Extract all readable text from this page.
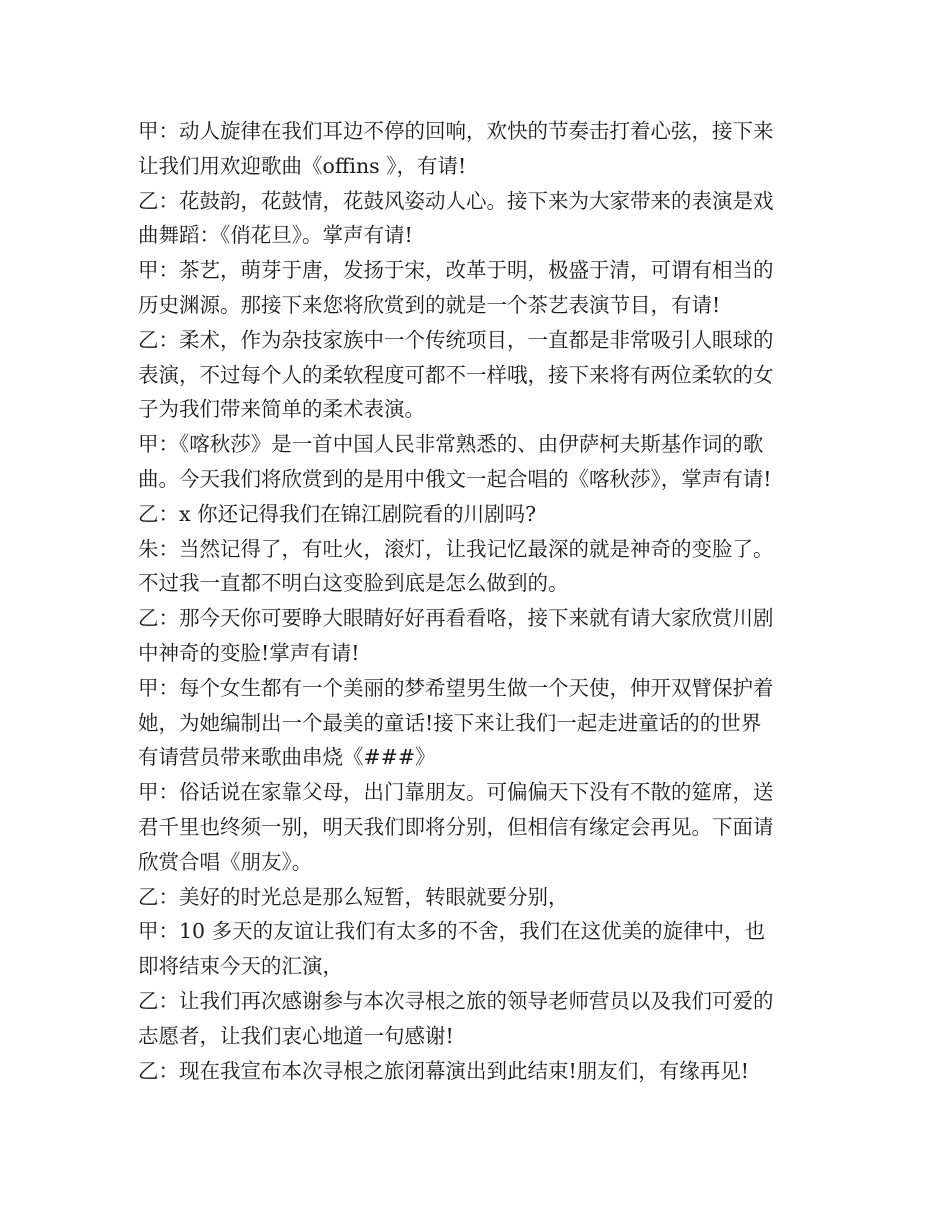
甲：动人旋律在我们耳边不停的回响，欢快的节奏击打着心弦，接下来
让我们用欢迎歌曲《offins 》，有请!
乙：花鼓韵，花鼓情，花鼓风姿动人心。接下来为大家带来的表演是戏
曲舞蹈：《俏花旦》。掌声有请!
甲：茶艺，萌芽于唐，发扬于宋，改革于明，极盛于清，可谓有相当的
历史渊源。那接下来您将欣赏到的就是一个茶艺表演节目，有请!
乙：柔术，作为杂技家族中一个传统项目，一直都是非常吸引人眼球的
表演，不过每个人的柔软程度可都不一样哦，接下来将有两位柔软的女
子为我们带来简单的柔术表演。
甲：《喀秋莎》是一首中国人民非常熟悉的、由伊萨柯夫斯基作词的歌
曲。今天我们将欣赏到的是用中俄文一起合唱的《喀秋莎》，掌声有请!
乙：x 你还记得我们在锦江剧院看的川剧吗?
朱：当然记得了，有吐火，滚灯，让我记忆最深的就是神奇的变脸了。
不过我一直都不明白这变脸到底是怎么做到的。
乙：那今天你可要睁大眼睛好好再看看咯，接下来就有请大家欣赏川剧
中神奇的变脸!掌声有请!
甲：每个女生都有一个美丽的梦希望男生做一个天使，伸开双臂保护着
她，为她编制出一个最美的童话!接下来让我们一起走进童话的的世界
有请营员带来歌曲串烧《###》
甲：俗话说在家靠父母，出门靠朋友。可偏偏天下没有不散的筵席，送
君千里也终须一别，明天我们即将分别，但相信有缘定会再见。下面请
欣赏合唱《朋友》。
乙：美好的时光总是那么短暂，转眼就要分别，
甲：10 多天的友谊让我们有太多的不舍，我们在这优美的旋律中，也
即将结束今天的汇演，
乙：让我们再次感谢参与本次寻根之旅的领导老师营员以及我们可爱的
志愿者，让我们衷心地道一句感谢!
乙：现在我宣布本次寻根之旅闭幕演出到此结束!朋友们，有缘再见!
